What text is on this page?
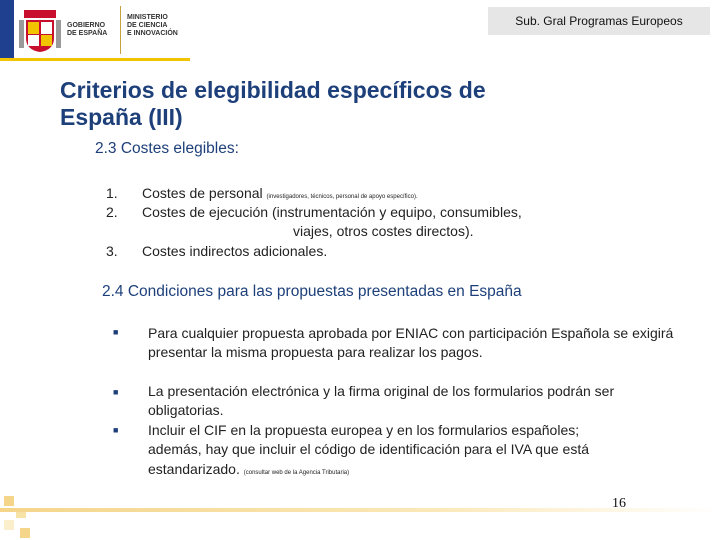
GOBIERNO
DE ESPAÑA
MINISTERIO
DE CIENCIA
E INNOVACIÓN
Sub. Gral Programas Europeos
Criterios de elegibilidad específicos de
España (III)
2.3 Costes elegibles:
1. Costes de personal (investigadores, técnicos, personal de apoyo específico).
2. Costes de ejecución (instrumentación y equipo, consumibles,
viajes, otros costes directos).
3. Costes indirectos adicionales.
2.4 Condiciones para las propuestas presentadas en España
■ Para cualquier propuesta aprobada por ENIAC con participación Española se exigirá presentar la misma propuesta para realizar los pagos.
■ La presentación electrónica y la firma original de los formularios podrán ser obligatorias.
■ Incluir el CIF en la propuesta europea y en los formularios españoles; además, hay que incluir el código de identificación para el IVA que está estandarizado. (consultar web de la Agencia Tributaria)
16
